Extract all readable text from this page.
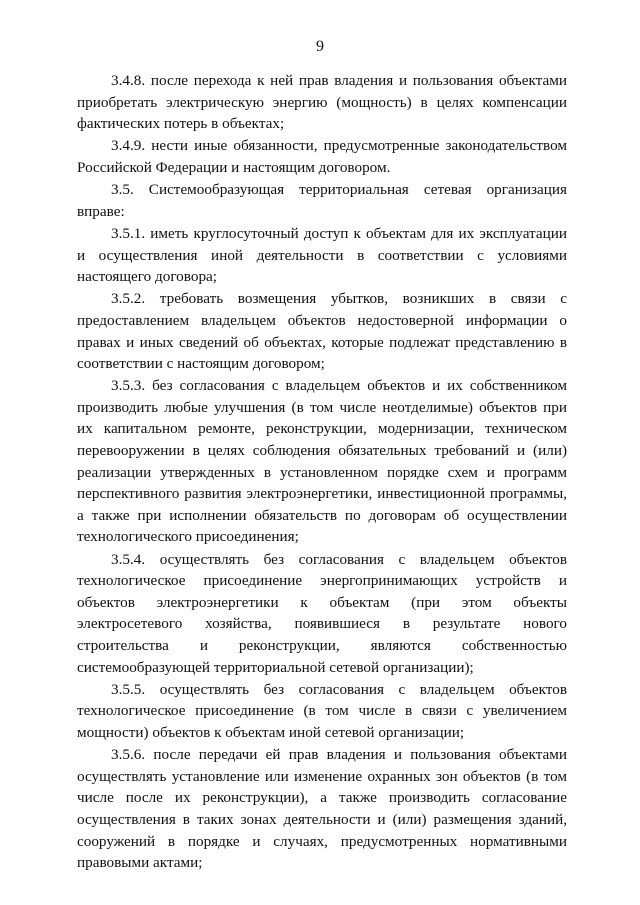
9

3.4.8. после перехода к ней прав владения и пользования объектами приобретать электрическую энергию (мощность) в целях компенсации фактических потерь в объектах;

3.4.9. нести иные обязанности, предусмотренные законодательством Российской Федерации и настоящим договором.

3.5. Системообразующая территориальная сетевая организация вправе:

3.5.1. иметь круглосуточный доступ к объектам для их эксплуатации и осуществления иной деятельности в соответствии с условиями настоящего договора;

3.5.2. требовать возмещения убытков, возникших в связи с предоставлением владельцем объектов недостоверной информации о правах и иных сведений об объектах, которые подлежат представлению в соответствии с настоящим договором;

3.5.3. без согласования с владельцем объектов и их собственником производить любые улучшения (в том числе неотделимые) объектов при их капитальном ремонте, реконструкции, модернизации, техническом перевооружении в целях соблюдения обязательных требований и (или) реализации утвержденных в установленном порядке схем и программ перспективного развития электроэнергетики, инвестиционной программы, а также при исполнении обязательств по договорам об осуществлении технологического присоединения;

3.5.4. осуществлять без согласования с владельцем объектов технологическое присоединение энергопринимающих устройств и объектов электроэнергетики к объектам (при этом объекты электросетевого хозяйства, появившиеся в результате нового строительства и реконструкции, являются собственностью системообразующей территориальной сетевой организации);

3.5.5. осуществлять без согласования с владельцем объектов технологическое присоединение (в том числе в связи с увеличением мощности) объектов к объектам иной сетевой организации;

3.5.6. после передачи ей прав владения и пользования объектами осуществлять установление или изменение охранных зон объектов (в том числе после их реконструкции), а также производить согласование осуществления в таких зонах деятельности и (или) размещения зданий, сооружений в порядке и случаях, предусмотренных нормативными правовыми актами;
